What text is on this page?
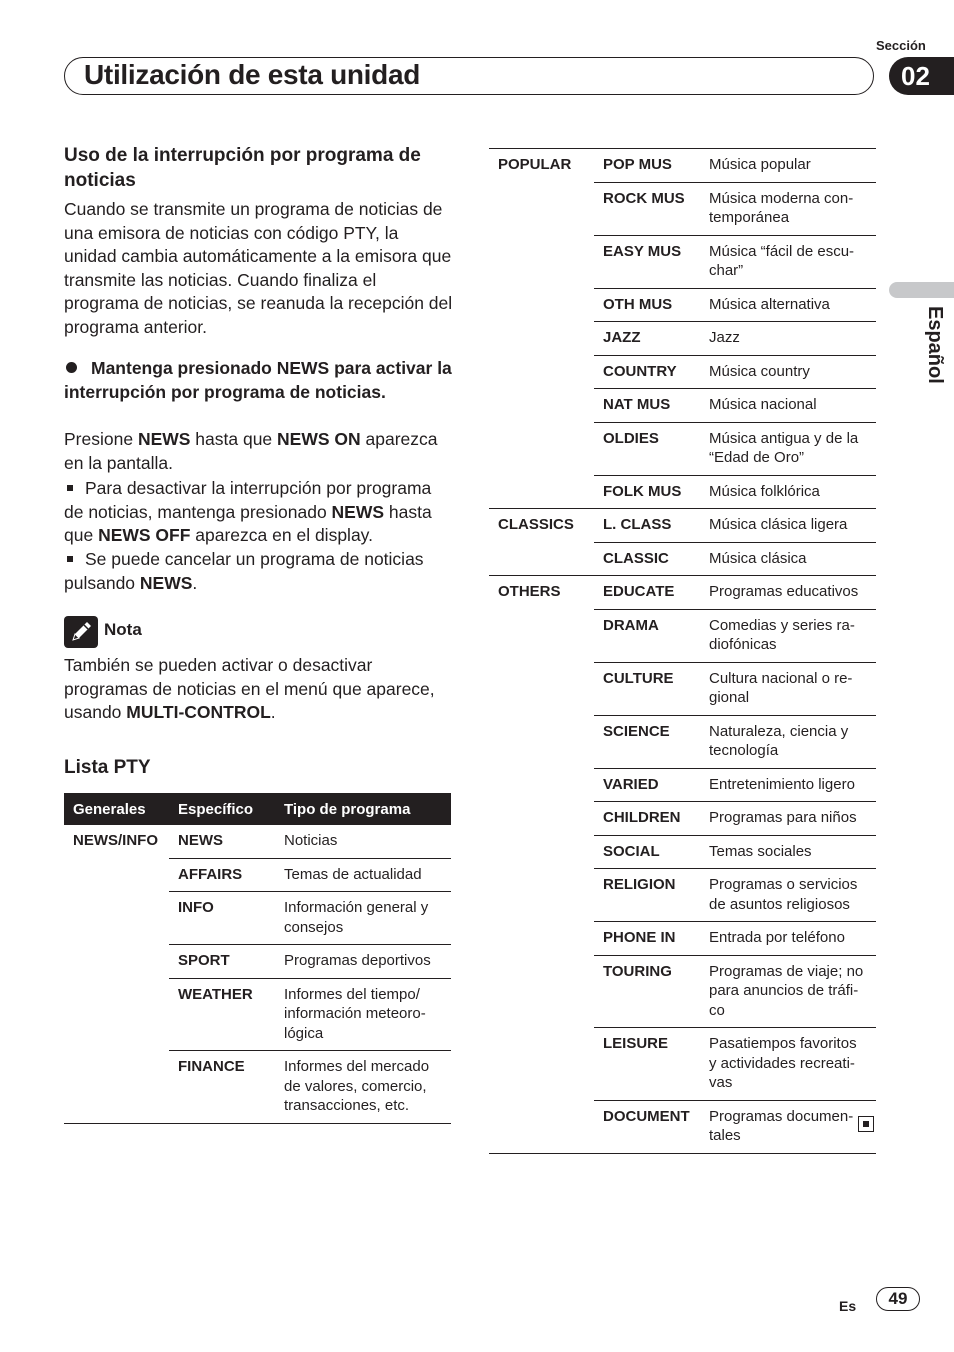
Sección
Utilización de esta unidad	02
Español
Uso de la interrupción por programa de noticias
Cuando se transmite un programa de noticias de una emisora de noticias con código PTY, la unidad cambia automáticamente a la emisora que transmite las noticias. Cuando finaliza el programa de noticias, se reanuda la recepción del programa anterior.
Mantenga presionado NEWS para activar la interrupción por programa de noticias.
Presione NEWS hasta que NEWS ON aparezca en la pantalla.
Para desactivar la interrupción por programa de noticias, mantenga presionado NEWS hasta que NEWS OFF aparezca en el display.
Se puede cancelar un programa de noticias pulsando NEWS.
Nota
También se pueden activar o desactivar programas de noticias en el menú que aparece, usando MULTI-CONTROL.
Lista PTY
Generales	Específico	Tipo de programa
NEWS/INFO	NEWS	Noticias
	AFFAIRS	Temas de actualidad
	INFO	Información general y consejos
	SPORT	Programas deportivos
	WEATHER	Informes del tiempo/ información meteoro-lógica
	FINANCE	Informes del mercado de valores, comercio, transacciones, etc.
POPULAR	POP MUS	Música popular
	ROCK MUS	Música moderna con-temporánea
	EASY MUS	Música “fácil de escu-char”
	OTH MUS	Música alternativa
	JAZZ	Jazz
	COUNTRY	Música country
	NAT MUS	Música nacional
	OLDIES	Música antigua y de la “Edad de Oro”
	FOLK MUS	Música folklórica
CLASSICS	L. CLASS	Música clásica ligera
	CLASSIC	Música clásica
OTHERS	EDUCATE	Programas educativos
	DRAMA	Comedias y series ra-diofónicas
	CULTURE	Cultura nacional o re-gional
	SCIENCE	Naturaleza, ciencia y tecnología
	VARIED	Entretenimiento ligero
	CHILDREN	Programas para niños
	SOCIAL	Temas sociales
	RELIGION	Programas o servicios de asuntos religiosos
	PHONE IN	Entrada por teléfono
	TOURING	Programas de viaje; no para anuncios de tráfi-co
	LEISURE	Pasatiempos favoritos y actividades recreati-vas
	DOCUMENT	Programas documen-tales
Es	49
